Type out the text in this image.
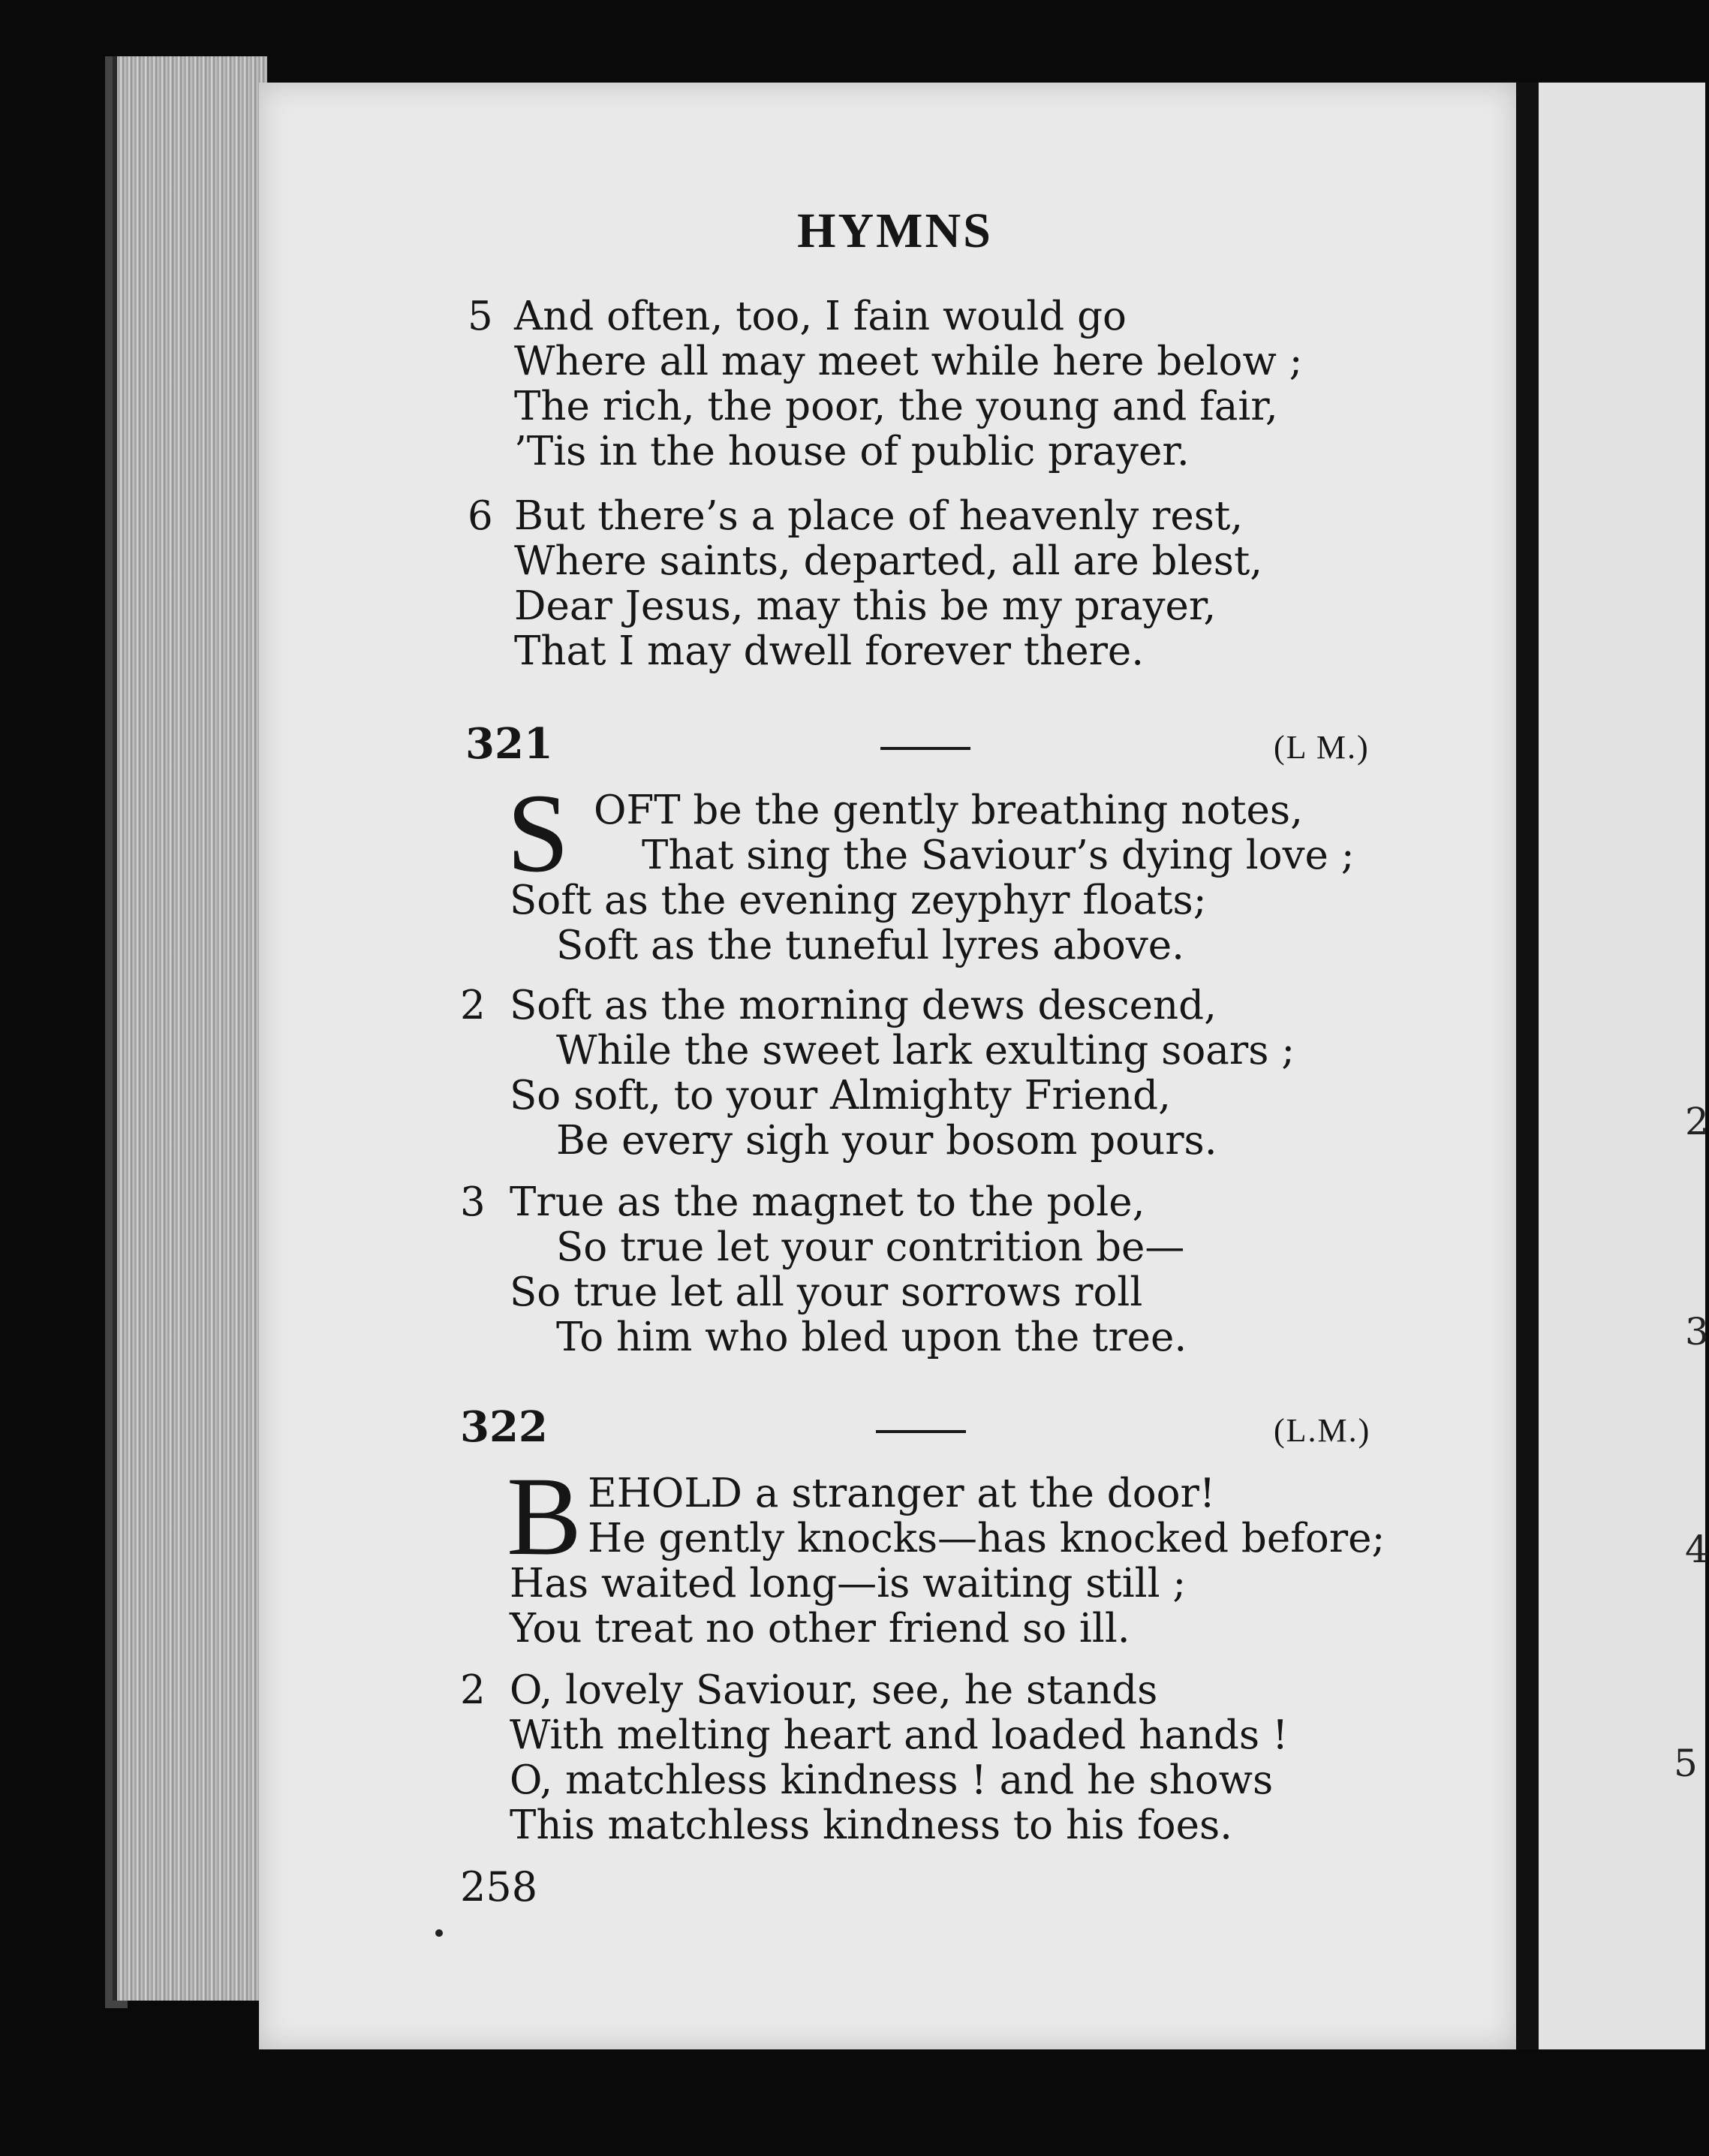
HYMNS
5 And often, too, I fain would go
Where all may meet while here below ;
The rich, the poor, the young and fair,
’Tis in the house of public prayer.
6 But there’s a place of heavenly rest,
Where saints, departed, all are blest,
Dear Jesus, may this be my prayer,
That I may dwell forever there.
321	(L M.)
S OFT be the gently breathing notes,
That sing the Saviour’s dying love ;
Soft as the evening zeyphyr floats;
Soft as the tuneful lyres above.
2 Soft as the morning dews descend,
While the sweet lark exulting soars ;
So soft, to your Almighty Friend,
Be every sigh your bosom pours.
3 True as the magnet to the pole,
So true let your contrition be—
So true let all your sorrows roll
To him who bled upon the tree.
322	(L.M.)
B EHOLD a stranger at the door!
He gently knocks—has knocked before;
Has waited long—is waiting still ;
You treat no other friend so ill.
2 O, lovely Saviour, see, he stands
With melting heart and loaded hands !
O, matchless kindness ! and he shows
This matchless kindness to his foes.
258
2
3
4
5
